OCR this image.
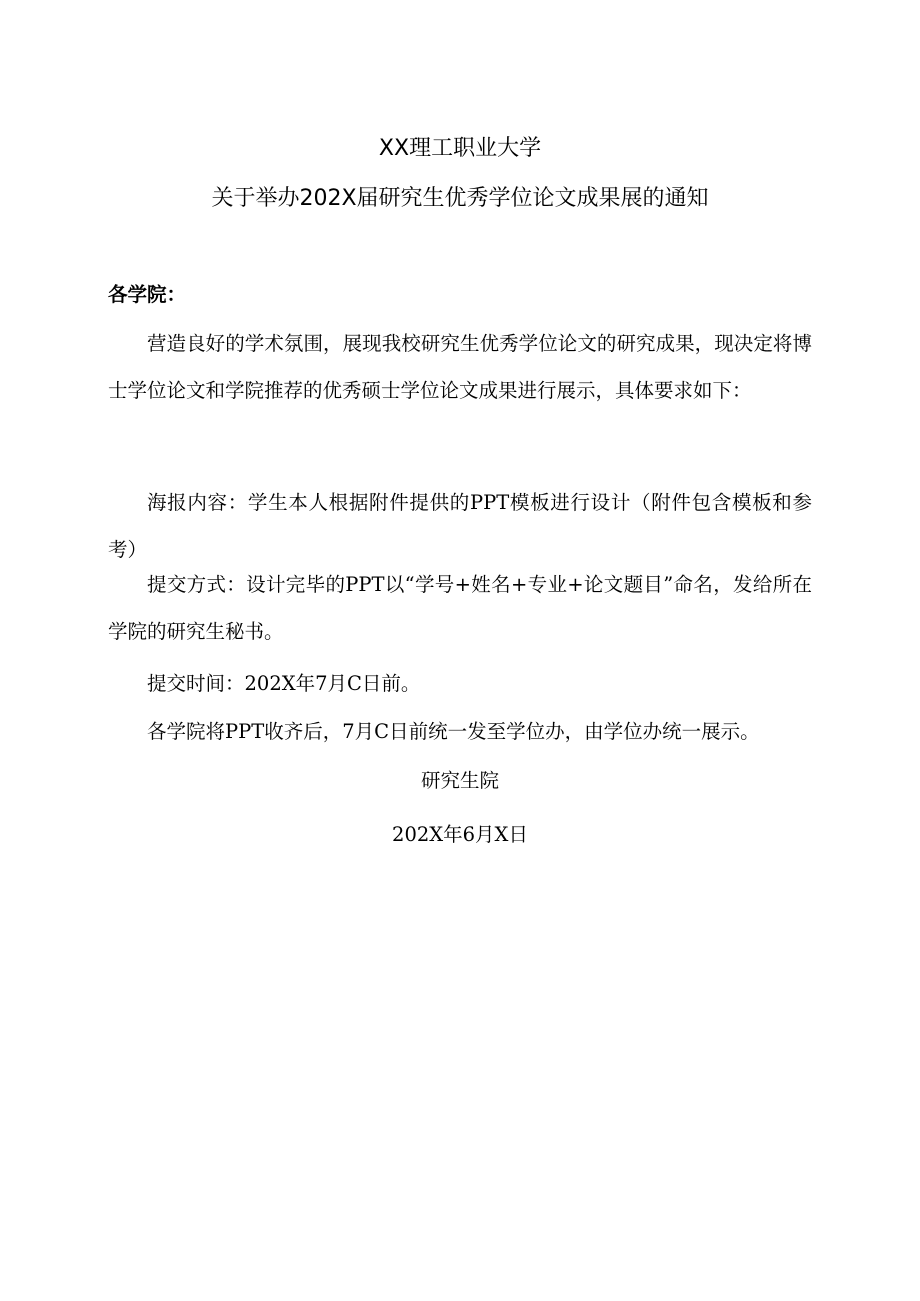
XX理工职业大学
关于举办202X届研究生优秀学位论文成果展的通知
各学院：

营造良好的学术氛围，展现我校研究生优秀学位论文的研究成果，现决定将博士学位论文和学院推荐的优秀硕士学位论文成果进行展示，具体要求如下：

海报内容：学生本人根据附件提供的PPT模板进行设计（附件包含模板和参考）

提交方式：设计完毕的PPT以“学号+姓名+专业+论文题目”命名，发给所在学院的研究生秘书。

提交时间：202X年7月C日前。

各学院将PPT收齐后，7月C日前统一发至学位办，由学位办统一展示。

研究生院
202X年6月X日
